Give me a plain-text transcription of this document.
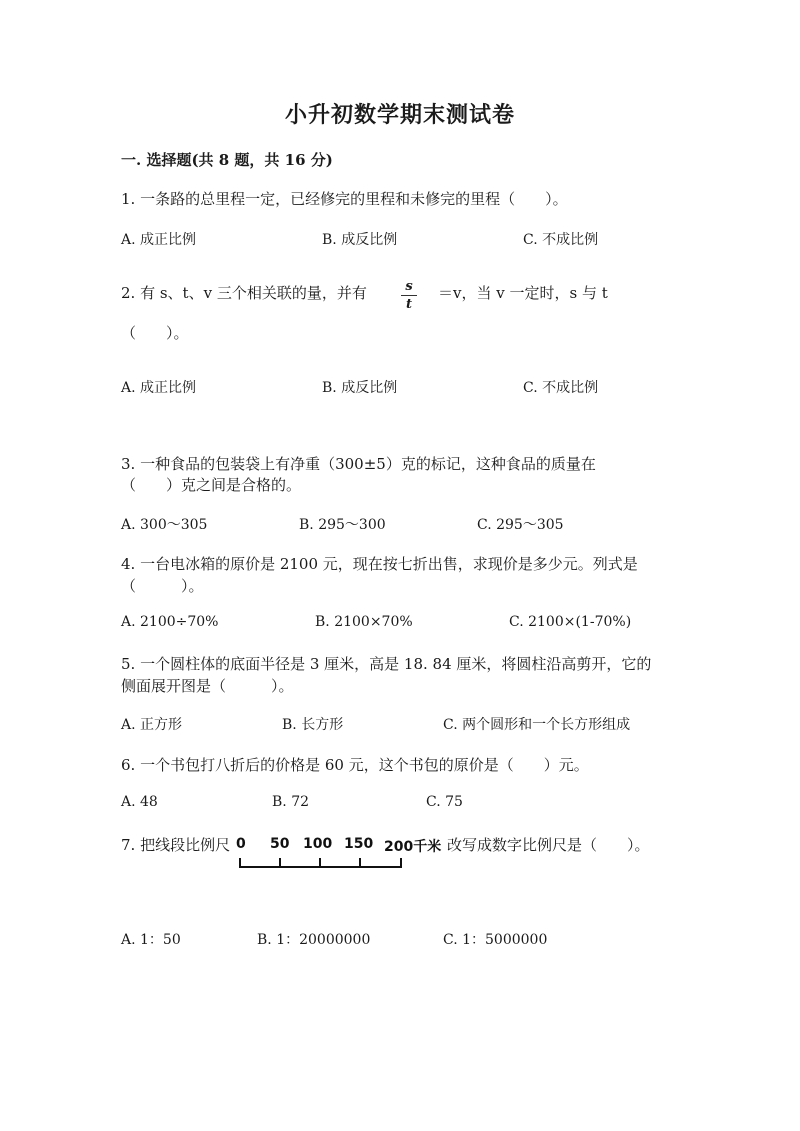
小升初数学期末测试卷
一. 选择题(共 8 题，共 16 分)
1. 一条路的总里程一定，已经修完的里程和未修完的里程（　　）。
A. 成正比例	B. 成反比例	C. 不成比例
2. 有 s、t、v 三个相关联的量，并有	s
t
＝v，当 v 一定时，s 与 t
（　　）。
A. 成正比例	B. 成反比例	C. 不成比例
3. 一种食品的包装袋上有净重（300±5）克的标记，这种食品的质量在
（　　）克之间是合格的。
A. 300～305	B. 295～300	C. 295～305
4. 一台电冰箱的原价是 2100 元，现在按七折出售，求现价是多少元。列式是
（　　　）。
A. 2100÷70%	B. 2100×70%	C. 2100×(1-70%)
5. 一个圆柱体的底面半径是 3 厘米，高是 18. 84 厘米，将圆柱沿高剪开，它的
侧面展开图是（　　　）。
A. 正方形	B. 长方形	C. 两个圆形和一个长方形组成
6. 一个书包打八折后的价格是 60 元，这个书包的原价是（　　）元。
A. 48	B. 72	C. 75
7. 把线段比例尺 0 50 100 150 200千米 改写成数字比例尺是（　　）。
A. 1：50	B. 1：20000000	C. 1：5000000
